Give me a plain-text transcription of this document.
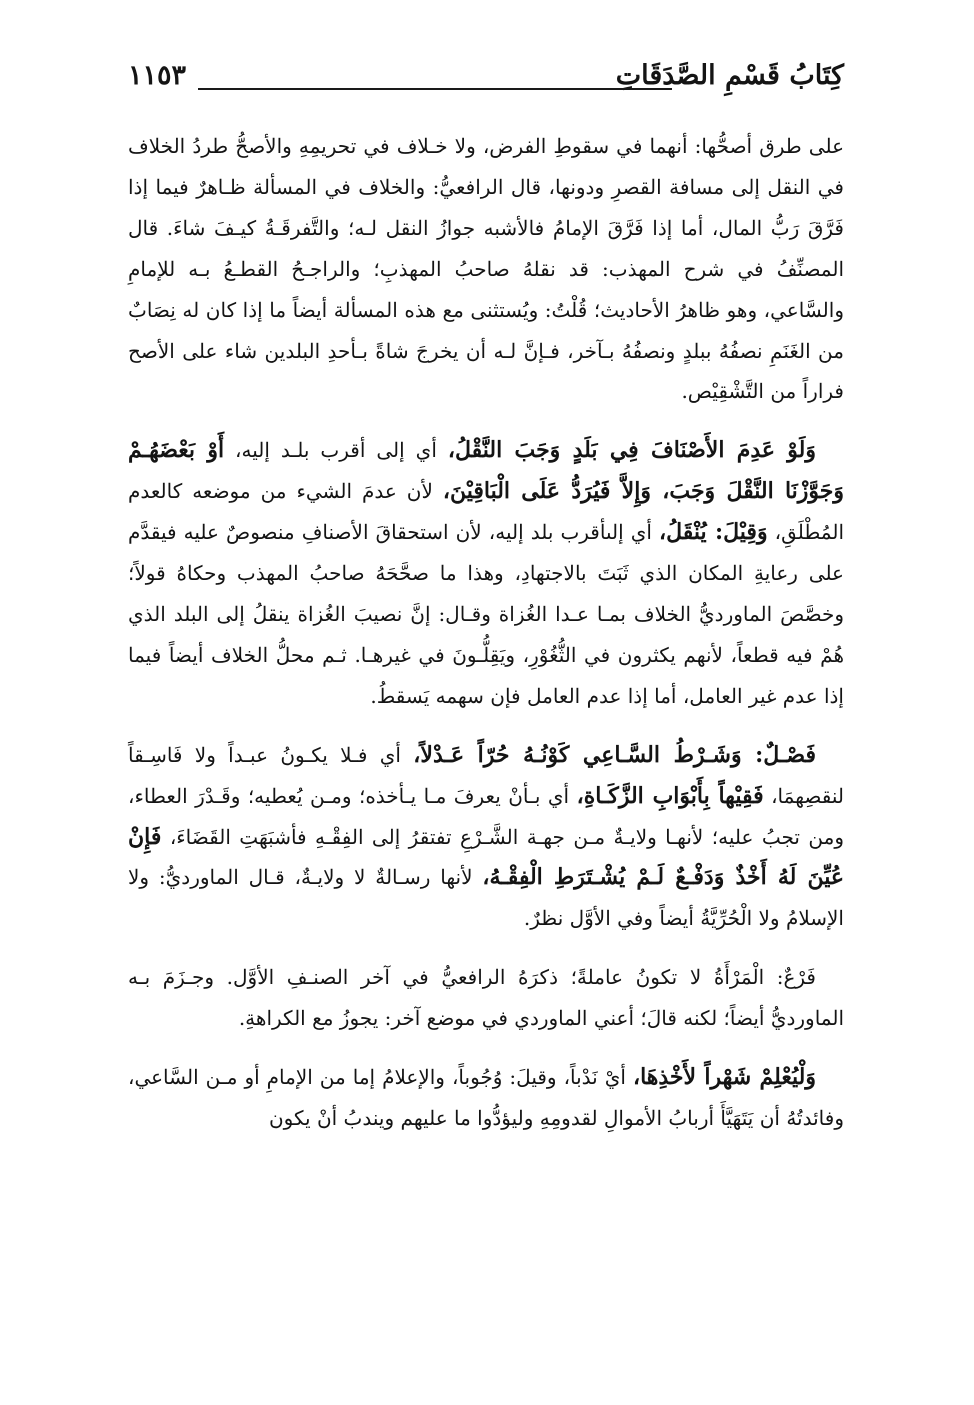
كِتَابُ قَسْمِ الصَّدَقَاتِ
١١٥٣

على طرق أصحُّها: أنهما في سقوطِ الفرض، ولا خـلاف في تحريمِهِ والأصحُّ طردُ الخلاف في النقل إلى مسافة القصرِ ودونها، قال الرافعيُّ: والخلاف في المسألة ظـاهرٌ فيما إذا فَرَّقَ رَبُّ المال، أما إذا فَرَّقَ الإمامُ فالأشبه جوازُ النقل لـه؛ والتَّفرقَـةُ كيـفَ شاءَ. قال المصنِّفُ في شرح المهذب: قد نقلهُ صاحبُ المهذبِ؛ والراجـحُ القطـعُ بـه للإمامِ والسَّاعي، وهو ظاهرُ الأحاديث؛ قُلْتُ: ويُستثنى مع هذه المسألة أيضاً ما إذا كان له نِصَابٌ من الغَنَمِ نصفُهُ ببلدٍ ونصفُهُ بـآخر، فـإنَّ لـه أن يخرجَ شاةً بـأحدِ البلدين شاء على الأصح فراراً من التَّشْقِيْص.

وَلَوْ عَدِمَ الأَصْنَافَ فِي بَلَدٍ وَجَبَ النَّقْلُ، أي إلى أقرب بلـد إليه، أَوْ بَعْضَهُـمْ وَجَوَّزْنَا النَّقْلَ وَجَبَ، وَإِلاَّ فَيُرَدُّ عَلَى الْبَاقِيْنَ، لأن عدمَ الشيء من موضعه كالعدم المُطْلَقِ، وَقِيْلَ: يُنْقَلُ، أي إلىأقرب بلد إليه، لأن استحقاقَ الأصنافِ منصوصٌ عليه فيقدَّم على رعايةِ المكان الذي ثَبَتَ بالاجتهادِ، وهذا ما صحَّحَهُ صاحبُ المهذب وحكاهُ قولاً؛ وخصَّصَ الماورديُّ الخلاف بمـا عـدا الغُزاة وقـال: إنَّ نصيبَ الغُزاة ينقلُ إلى البلد الذي هُمْ فيه قطعاً، لأنهم يكثرون في الثُّغُوْرِ، ويَقِلُّـونَ في غيرهـا. ثـم محلُّ الخلاف أيضاً فيما إذا عدم غير العامل، أما إذا عدم العامل فإن سهمه يَسقطُ.

فَصْـلٌ: وَشَـرْطُ السَّـاعِي كَوْنُـهُ حُرّاً عَـدْلاً، أي فـلا يكـونُ عبـداً ولا فَاسِـقاً لنقصِهمَا، فَقِيْهاً بِأَبْوَابِ الزَّكَـاةِ، أي بـأنْ يعرفَ مـا يـأخذه؛ ومـن يُعطيه؛ وقَـدْرَ العطاء، ومن تجبُ عليه؛ لأنهـا ولايـةٌ مـن جهـة الشَّـرْعِ تفتقرُ إلى الفِقْـهِ فأشبَهَتِ القَضَاءَ، فَإِنْ عُيِّنَ لَهُ أَخْذٌ وَدَفْـعٌ لَـمْ يُشْـتَرَطِ الْفِقْـهُ، لأنها رسـالةٌ لا ولايـةٌ، قـال الماورديُّ: ولا الإسلامُ ولا الْحُرِّيَّةُ أيضاً وفي الأوَّل نظرٌ.

فَرْعٌ: الْمَرْأَةُ لا تكونُ عاملةً؛ ذكرَهُ الرافعيُّ في آخر الصنـفِ الأوَّل. وجـزَمَ بـه الماورديُّ أيضاً؛ لكنه قالَ؛ أعني الماوردي في موضع آخر: يجوزُ مع الكراهةِ.

وَلْيُعْلِمْ شَهْراً لأَخْذِهَا، أيْ نَدْباً، وقيلَ: وُجُوباً، والإعلامُ إما من الإمامِ أو مـن السَّاعي، وفائدتُهُ أن يَتَهَيَّأَ أربابُ الأموالِ لقدومِهِ وليؤدُّوا ما عليهم ويندبُ أنْ يكون
